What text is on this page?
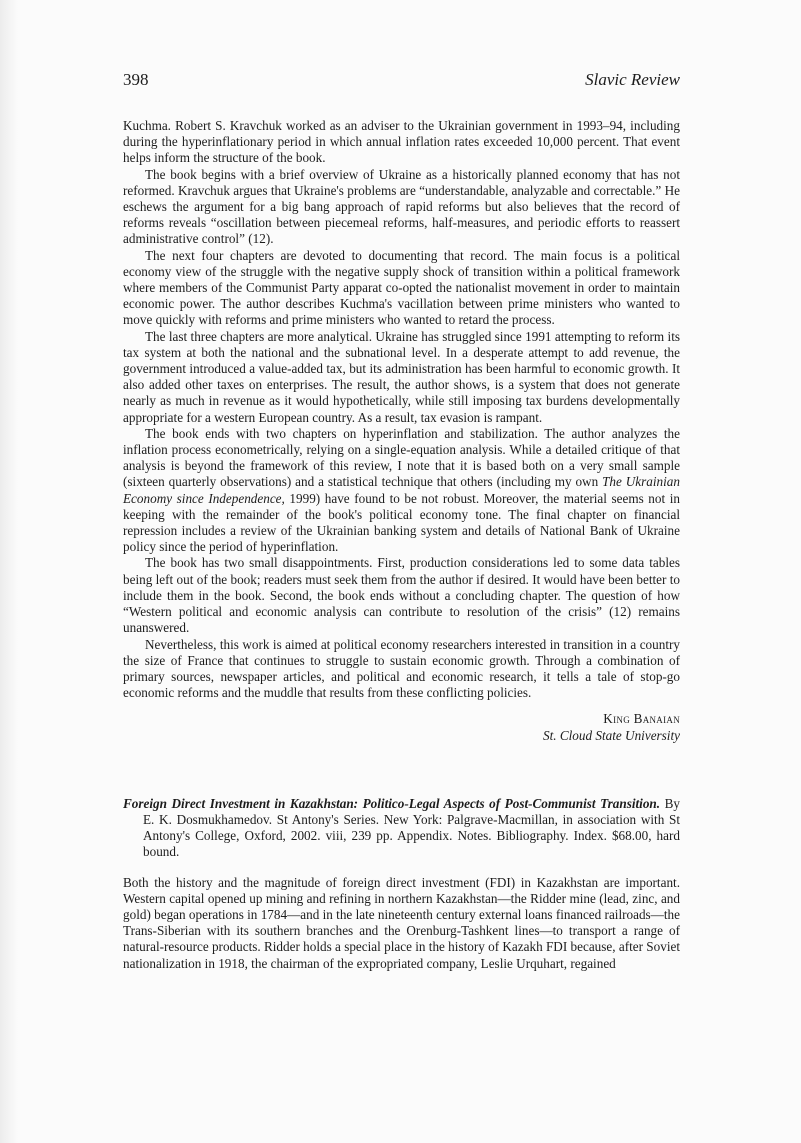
398	Slavic Review

Kuchma. Robert S. Kravchuk worked as an adviser to the Ukrainian government in 1993–94, including during the hyperinflationary period in which annual inflation rates exceeded 10,000 percent. That event helps inform the structure of the book.

The book begins with a brief overview of Ukraine as a historically planned economy that has not reformed. Kravchuk argues that Ukraine's problems are “understandable, analyzable and correctable.” He eschews the argument for a big bang approach of rapid reforms but also believes that the record of reforms reveals “oscillation between piecemeal reforms, half-measures, and periodic efforts to reassert administrative control” (12).

The next four chapters are devoted to documenting that record. The main focus is a political economy view of the struggle with the negative supply shock of transition within a political framework where members of the Communist Party apparat co-opted the nationalist movement in order to maintain economic power. The author describes Kuchma's vacillation between prime ministers who wanted to move quickly with reforms and prime ministers who wanted to retard the process.

The last three chapters are more analytical. Ukraine has struggled since 1991 attempting to reform its tax system at both the national and the subnational level. In a desperate attempt to add revenue, the government introduced a value-added tax, but its administration has been harmful to economic growth. It also added other taxes on enterprises. The result, the author shows, is a system that does not generate nearly as much in revenue as it would hypothetically, while still imposing tax burdens developmentally appropriate for a western European country. As a result, tax evasion is rampant.

The book ends with two chapters on hyperinflation and stabilization. The author analyzes the inflation process econometrically, relying on a single-equation analysis. While a detailed critique of that analysis is beyond the framework of this review, I note that it is based both on a very small sample (sixteen quarterly observations) and a statistical technique that others (including my own The Ukrainian Economy since Independence, 1999) have found to be not robust. Moreover, the material seems not in keeping with the remainder of the book's political economy tone. The final chapter on financial repression includes a review of the Ukrainian banking system and details of National Bank of Ukraine policy since the period of hyperinflation.

The book has two small disappointments. First, production considerations led to some data tables being left out of the book; readers must seek them from the author if desired. It would have been better to include them in the book. Second, the book ends without a concluding chapter. The question of how “Western political and economic analysis can contribute to resolution of the crisis” (12) remains unanswered.

Nevertheless, this work is aimed at political economy researchers interested in transition in a country the size of France that continues to struggle to sustain economic growth. Through a combination of primary sources, newspaper articles, and political and economic research, it tells a tale of stop-go economic reforms and the muddle that results from these conflicting policies.

King Banaian
St. Cloud State University
Foreign Direct Investment in Kazakhstan: Politico-Legal Aspects of Post-Communist Transition. By E. K. Dosmukhamedov. St Antony's Series. New York: Palgrave-Macmillan, in association with St Antony's College, Oxford, 2002. viii, 239 pp. Appendix. Notes. Bibliography. Index. $68.00, hard bound.

Both the history and the magnitude of foreign direct investment (FDI) in Kazakhstan are important. Western capital opened up mining and refining in northern Kazakhstan—the Ridder mine (lead, zinc, and gold) began operations in 1784—and in the late nineteenth century external loans financed railroads—the Trans-Siberian with its southern branches and the Orenburg-Tashkent lines—to transport a range of natural-resource products. Ridder holds a special place in the history of Kazakh FDI because, after Soviet nationalization in 1918, the chairman of the expropriated company, Leslie Urquhart, regained
